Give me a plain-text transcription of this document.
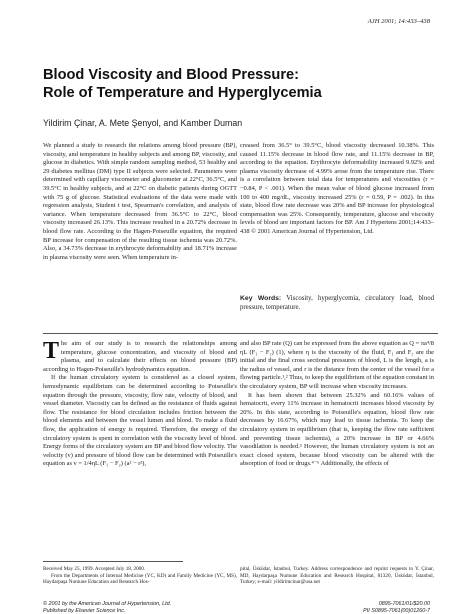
AJH 2001; 14:433–438
Blood Viscosity and Blood Pressure:
Role of Temperature and Hyperglycemia
Yildirim Çinar, A. Mete Şenyol, and Kamber Duman
We planned a study to research the relations among blood pressure (BP), viscosity, and temperature in healthy subjects and among BP, viscosity, and glucose in diabetics. With simple random sampling method, 53 healthy and 29 diabetes mellitus (DM) type II subjects were selected. Parameters were determined with capillary viscometer and glucometer at 22°C, 36.5°C, and 39.5°C in healthy subjects, and at 22°C on diabetic patients during OGTT with 75 g of glucose. Statistical evaluations of the data were made with regression analysis, Student t test, Spearman's correlation, and analysis of variance. When temperature decreased from 36.5°C to 22°C, blood viscosity increased 26.13%. This increase resulted in a 20.72% decrease in blood flow rate. According to the Hagen-Poiseuille equation, the required BP increase for compensation of the resulting tissue ischemia was 20.72%. Also, a 34.73% decrease in erythrocyte deformability and 18.71% increase in plasma viscosity were seen. When temperature in-
creased from 36.5° to 39.5°C, blood viscosity decreased 10.38%. This caused 11.15% decrease in blood flow rate, and 11.15% decrease in BP, according to the equation. Erythrocyte deformability increased 9.92% and plasma viscosity decrease of 4.99% arose from the temperature rise. There is a correlation between total data for temperatures and viscosities (r = −0.84, P < .001). When the mean value of blood glucose increased from 100 to 400 mg/dL, viscosity increased 25% (r = 0.59, P = .002). In this state, blood flow rate decrease was 20% and BP increase for physiological compensation was 25%. Consequently, temperature, glucose and viscosity levels of blood are important factors for BP. Am J Hypertens 2001;14:433–438 © 2001 American Journal of Hypertension, Ltd.
Key Words: Viscosity, hyperglycemia, circulatory load, blood pressure, temperature.
The aim of our study is to research the relationships among temperature, glucose concentration, and viscosity of blood and plasma, and to calculate their effects on blood pressure (BP) according to Hagen-Poiseuille's hydrodynamics equation.
If the human circulatory system is considered as a closed system, hemodynamic equilibrium can be determined according to Poiseuille's equation through the pressure, viscosity, flow rate, velocity of blood, and vessel diameter. Viscosity can be defined as the resistance of fluids against flow. The resistance for blood circulation includes friction between the blood elements and between the vessel lumen and blood. To make a fluid flow, the application of energy is required. Therefore, the energy of the circulatory system is spent in correlation with the viscosity level of blood. Energy forms of the circulatory system are BP and blood flow velocity. The velocity (v) and pressure of blood flow can be determined with Poiseuille's equation as v = 1/4ηL (F₁ − F₂) (a² − r²),
and also BP rate (Q) can be expressed from the above equation as Q = πa⁴/8 ηL (F₁ − F₂) (1), where η is the viscosity of the fluid, F₁ and F₂ are the initial and the final cross sectional pressures of blood, L is the length, a is the radius of vessel, and r is the distance from the center of the vessel for a flowing particle.¹,² Thus, to keep the equilibrium of the equation constant in the circulatory system, BP will increase when viscosity increases.
It has been shown that between 25.32% and 60.16% values of hematocrit, every 11% increase in hematocrit increases blood viscosity by 20%. In this state, according to Poiseuille's equation, blood flow rate decreases by 16.67%, which may lead to tissue ischemia. To keep the circulatory system in equilibrium (that is, keeping the flow rate sufficient and preventing tissue ischemia), a 20% increase in BP or 4.66% vasodilation is needed.³ However, the human circulatory system is not an exact closed system, because blood viscosity can be altered with the absorption of food or drugs.⁴⁻⁶ Additionally, the effects of
Received May 25, 1999. Accepted July 18, 2000.
From the Departments of Internal Medicine (YC, KD) and Family Medicine (YC, MS), Haydarpaşa Numune Education and Research Hos-
pital, Üsküdar, İstanbul, Turkey. Address correspondence and reprint requests to Y. Çinar, MD, Haydarpaşa Numune Education and Research Hospital, 81320, Üsküdar, İstanbul, Turkey; e-mail: yildirimcinar@usa.net
© 2001 by the American Journal of Hypertension, Ltd.
Published by Elsevier Science Inc.
0895-7061/01/$20.00
PII S0895-7061(00)01260-7
